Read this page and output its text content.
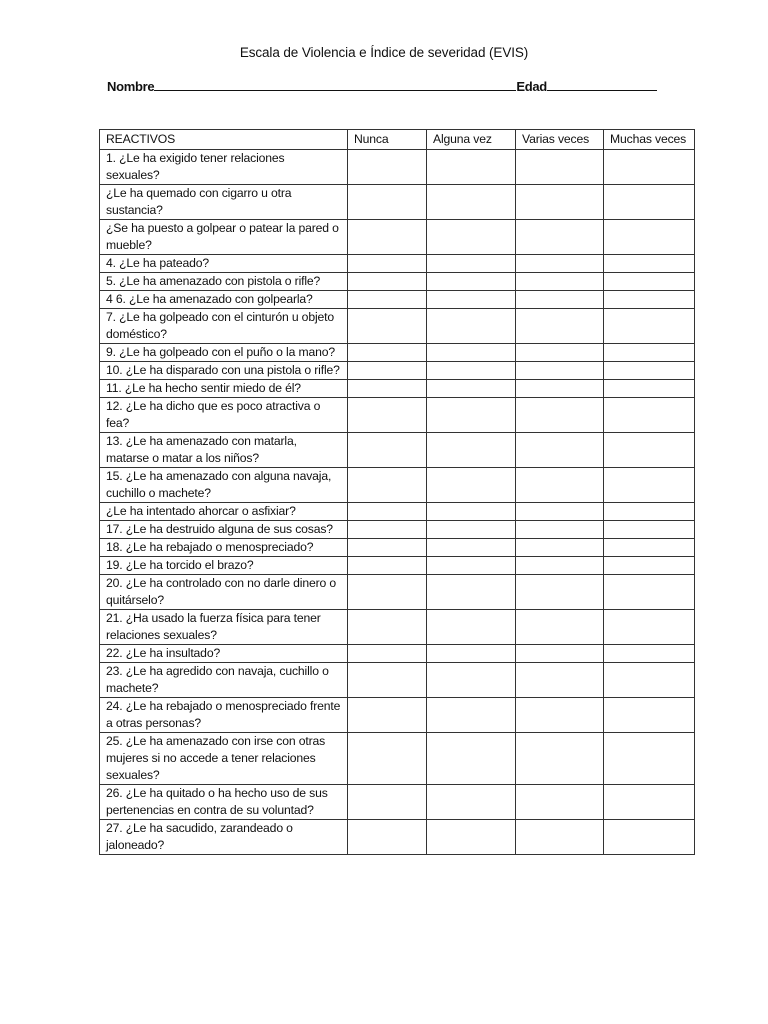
Escala de Violencia e Índice de severidad (EVIS)
Nombre	Edad
REACTIVOS	Nunca	Alguna vez	Varias veces	Muchas veces
1. ¿Le ha exigido tener relaciones sexuales?				
¿Le ha quemado con cigarro u otra sustancia?				
¿Se ha puesto a golpear o patear la pared o mueble?				
4. ¿Le ha pateado?				
5. ¿Le ha amenazado con pistola o rifle?				
4 6. ¿Le ha amenazado con golpearla?				
7. ¿Le ha golpeado con el cinturón u objeto doméstico?				
9. ¿Le ha golpeado con el puño o la mano?				
10. ¿Le ha disparado con una pistola o rifle?				
11. ¿Le ha hecho sentir miedo de él?				
12. ¿Le ha dicho que es poco atractiva o fea?				
13. ¿Le ha amenazado con matarla, matarse o matar a los niños?				
15. ¿Le ha amenazado con alguna navaja, cuchillo o machete?				
¿Le ha intentado ahorcar o asfixiar?				
17. ¿Le ha destruido alguna de sus cosas?				
18. ¿Le ha rebajado o menospreciado?				
19. ¿Le ha torcido el brazo?				
20. ¿Le ha controlado con no darle dinero o quitárselo?				
21. ¿Ha usado la fuerza física para tener relaciones sexuales?				
22. ¿Le ha insultado?				
23. ¿Le ha agredido con navaja, cuchillo o machete?				
24. ¿Le ha rebajado o menospreciado frente a otras personas?				
25. ¿Le ha amenazado con irse con otras mujeres si no accede a tener relaciones sexuales?				
26. ¿Le ha quitado o ha hecho uso de sus pertenencias en contra de su voluntad?				
27. ¿Le ha sacudido, zarandeado o jaloneado?				
